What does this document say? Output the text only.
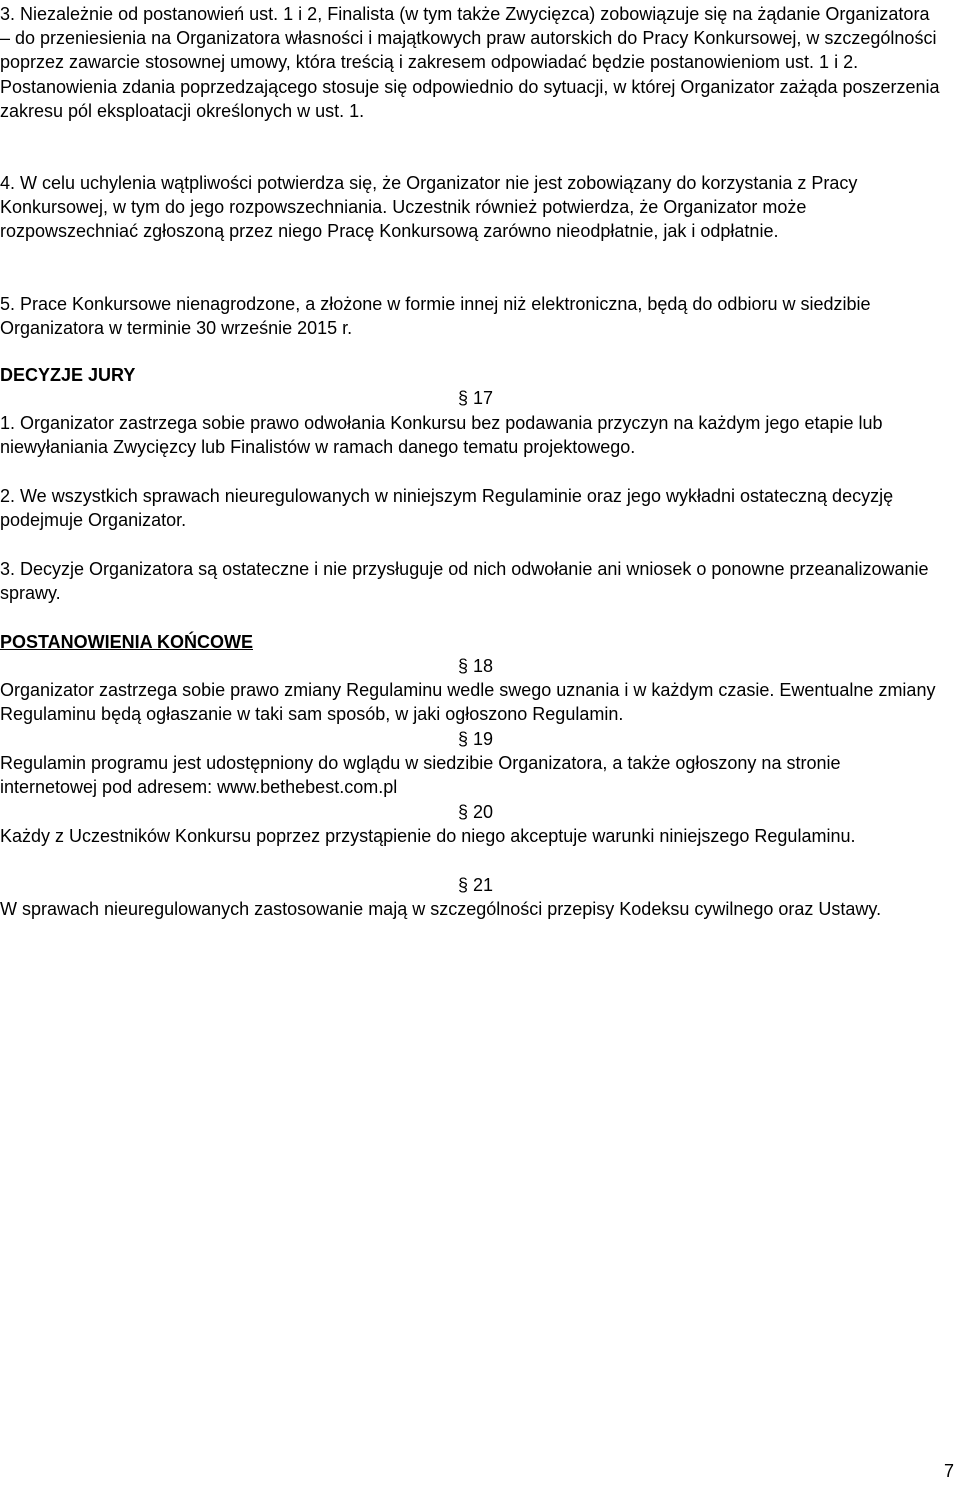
3. Niezależnie od postanowień ust. 1 i 2, Finalista (w tym także Zwycięzca) zobowiązuje się na żądanie Organizatora – do przeniesienia na Organizatora własności i majątkowych praw autorskich do Pracy Konkursowej, w szczególności poprzez zawarcie stosownej umowy, która treścią i zakresem odpowiadać będzie postanowieniom ust. 1 i 2. Postanowienia zdania poprzedzającego stosuje się odpowiednio do sytuacji, w której Organizator zażąda poszerzenia zakresu pól eksploatacji określonych w ust. 1.

4. W celu uchylenia wątpliwości potwierdza się, że Organizator nie jest zobowiązany do korzystania z Pracy Konkursowej, w tym do jego rozpowszechniania. Uczestnik również potwierdza, że Organizator może rozpowszechniać zgłoszoną przez niego Pracę Konkursową zarówno nieodpłatnie, jak i odpłatnie.

5. Prace Konkursowe nienagrodzone, a złożone w formie innej niż elektroniczna, będą do odbioru w siedzibie Organizatora w terminie 30 wrześnie 2015 r.

DECYZJE JURY
§ 17

1. Organizator zastrzega sobie prawo odwołania Konkursu bez podawania przyczyn na każdym jego etapie lub niewyłaniania Zwycięzcy lub Finalistów w ramach danego tematu projektowego.

2. We wszystkich sprawach nieuregulowanych w niniejszym Regulaminie oraz jego wykładni ostateczną decyzję podejmuje Organizator.

3. Decyzje Organizatora są ostateczne i nie przysługuje od nich odwołanie ani wniosek o ponowne przeanalizowanie sprawy.

POSTANOWIENIA KOŃCOWE
§ 18

Organizator zastrzega sobie prawo zmiany Regulaminu wedle swego uznania i w każdym czasie. Ewentualne zmiany Regulaminu będą ogłaszanie w taki sam sposób, w jaki ogłoszono Regulamin.

§ 19

Regulamin programu jest udostępniony do wglądu w siedzibie Organizatora, a także ogłoszony na stronie internetowej pod adresem: www.bethebest.com.pl

§ 20

Każdy z Uczestników Konkursu poprzez przystąpienie do niego akceptuje warunki niniejszego Regulaminu.

§ 21

W sprawach nieuregulowanych zastosowanie mają w szczególności przepisy Kodeksu cywilnego oraz Ustawy.

7
